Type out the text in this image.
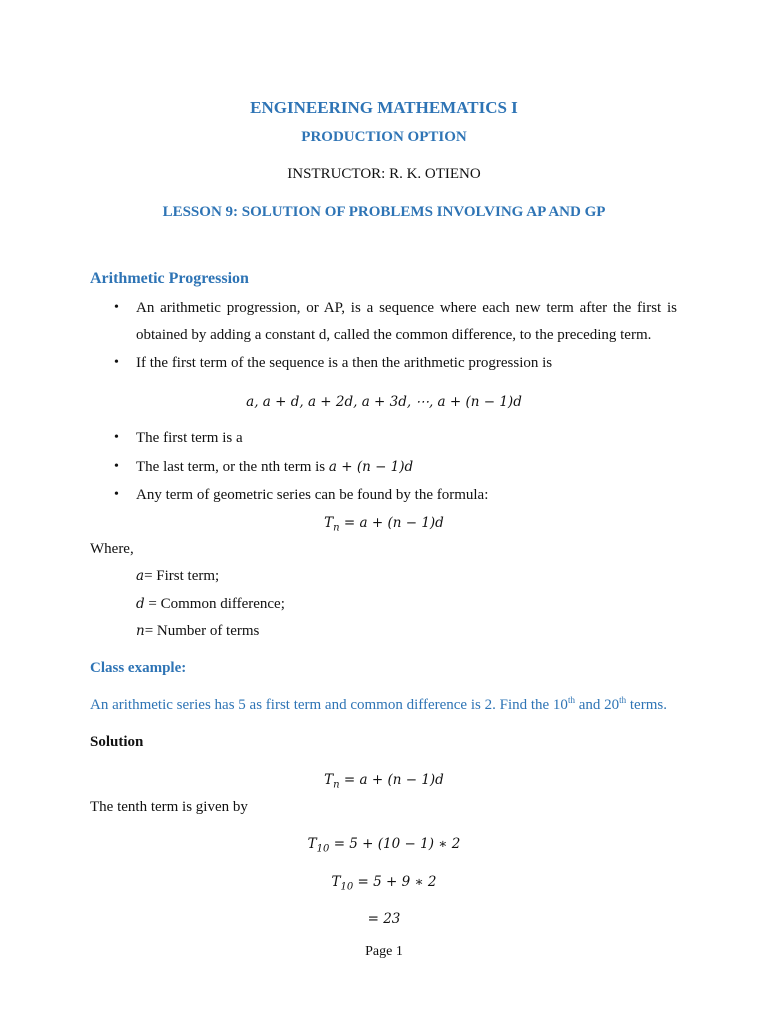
ENGINEERING MATHEMATICS I
PRODUCTION OPTION
INSTRUCTOR: R. K. OTIENO
LESSON 9: SOLUTION OF PROBLEMS INVOLVING AP AND GP
Arithmetic Progression
• An arithmetic progression, or AP, is a sequence where each new term after the first is obtained by adding a constant d, called the common difference, to the preceding term.
• If the first term of the sequence is a then the arithmetic progression is
a, a + d, a + 2d, a + 3d, ⋯, a + (n − 1)d
• The first term is a
• The last term, or the nth term is a + (n − 1)d
• Any term of geometric series can be found by the formula:
$T_n = a + (n - 1)d$
Where,
a= First term;
d = Common difference;
n= Number of terms
Class example:
An arithmetic series has 5 as first term and common difference is 2. Find the 10th and 20th terms.
Solution
$T_n = a + (n - 1)d$
The tenth term is given by
$T_{10} = 5 + (10 - 1)$ ∗ 2
$T_{10} = 5 + 9$ ∗ 2
= 23
Page 1
